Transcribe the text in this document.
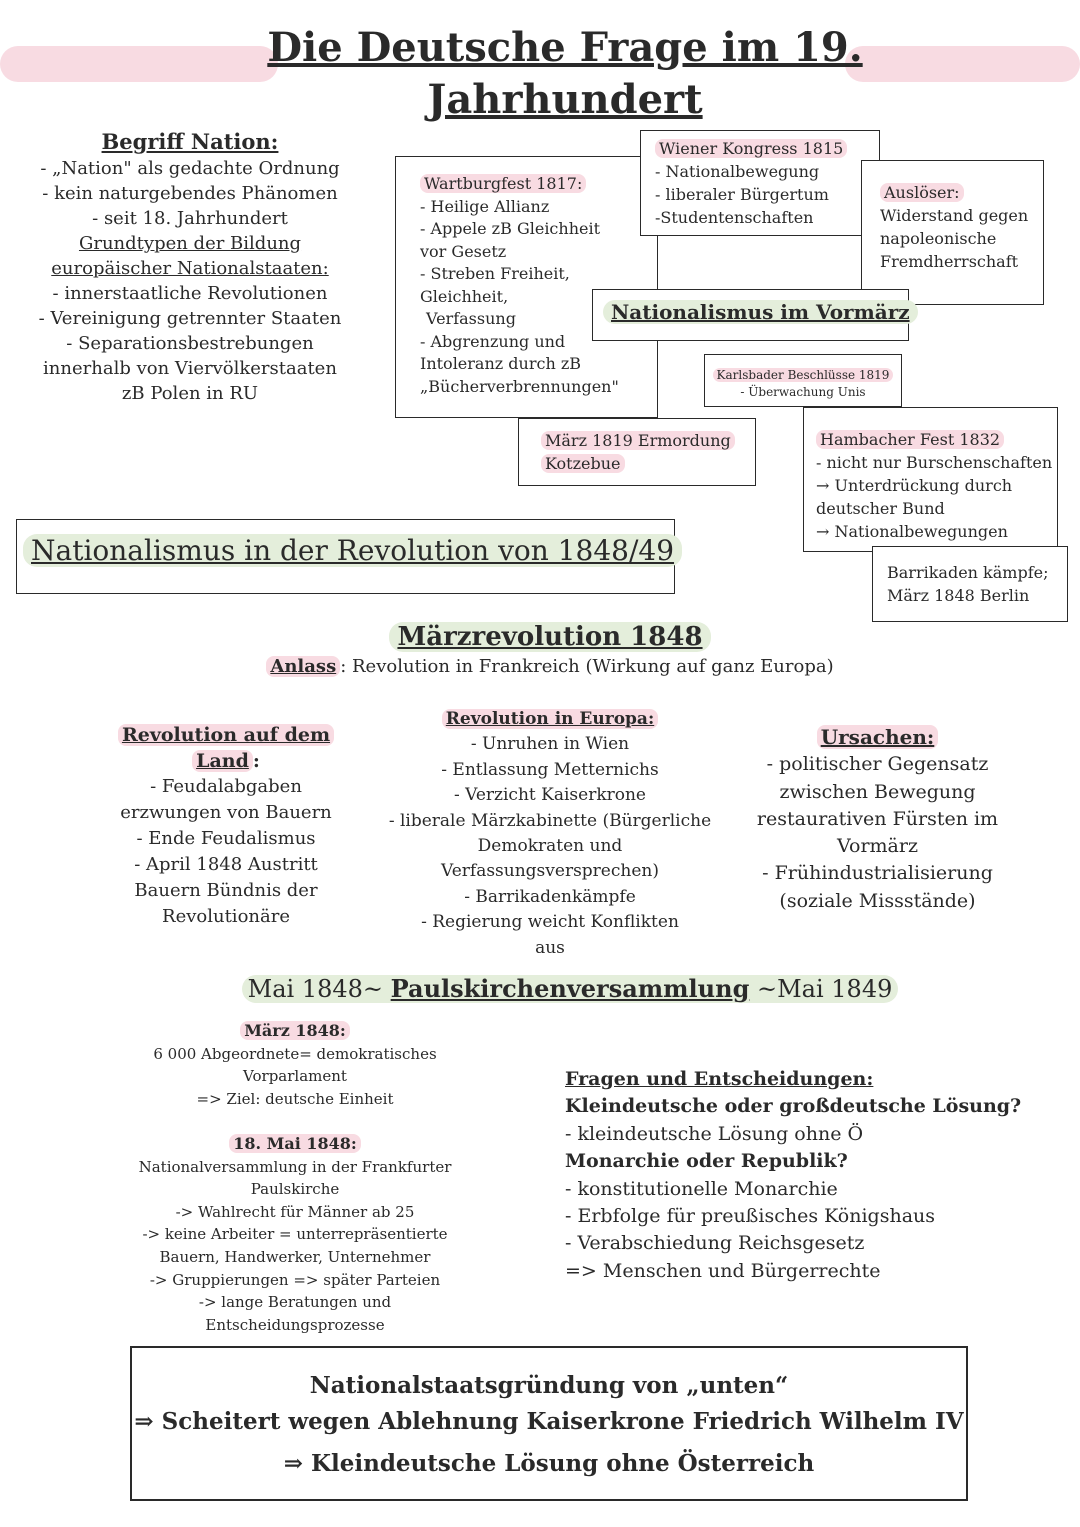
Die Deutsche Frage im 19.
Jahrhundert
Begriff Nation:
- „Nation" als gedachte Ordnung
- kein naturgebendes Phänomen
- seit 18. Jahrhundert
Grundtypen der Bildung
europäischer Nationalstaaten:
- innerstaatliche Revolutionen
- Vereinigung getrennter Staaten
- Separationsbestrebungen
innerhalb von Viervölkerstaaten
zB Polen in RU
Wartburgfest 1817:
- Heilige Allianz
- Appele zB Gleichheit
vor Gesetz
- Streben Freiheit,
Gleichheit,
Verfassung
- Abgrenzung und
Intoleranz durch zB
„Bücherverbrennungen"
Wiener Kongress 1815
- Nationalbewegung
- liberaler Bürgertum
-Studentenschaften
Auslöser:
Widerstand gegen
napoleonische
Fremdherrschaft
Nationalismus im Vormärz
Karlsbader Beschlüsse 1819
- Überwachung Unis
März 1819 Ermordung
Kotzebue
Hambacher Fest 1832
- nicht nur Burschenschaften
→ Unterdrückung durch
deutscher Bund
→ Nationalbewegungen
Barrikaden kämpfe;
März 1848 Berlin
Nationalismus in der Revolution von 1848/49
Märzrevolution 1848
Anlass : Revolution in Frankreich (Wirkung auf ganz Europa)
Revolution auf dem
Land :
- Feudalabgaben
erzwungen von Bauern
- Ende Feudalismus
- April 1848 Austritt
Bauern Bündnis der
Revolutionäre
Revolution in Europa:
- Unruhen in Wien
- Entlassung Metternichs
- Verzicht Kaiserkrone
- liberale Märzkabinette (Bürgerliche
Demokraten und
Verfassungsversprechen)
- Barrikadenkämpfe
- Regierung weicht Konflikten
aus
Ursachen:
- politischer Gegensatz
zwischen Bewegung
restaurativen Fürsten im
Vormärz
- Frühindustrialisierung
(soziale Missstände)
Mai 1848~ Paulskirchenversammlung ~Mai 1849
März 1848:
6 000 Abgeordnete= demokratisches
Vorparlament
=> Ziel: deutsche Einheit
18. Mai 1848:
Nationalversammlung in der Frankfurter
Paulskirche
-> Wahlrecht für Männer ab 25
-> keine Arbeiter = unterrepräsentierte
Bauern, Handwerker, Unternehmer
-> Gruppierungen => später Parteien
-> lange Beratungen und
Entscheidungsprozesse
Fragen und Entscheidungen:
Kleindeutsche oder großdeutsche Lösung?
- kleindeutsche Lösung ohne Ö
Monarchie oder Republik?
- konstitutionelle Monarchie
- Erbfolge für preußisches Königshaus
- Verabschiedung Reichsgesetz
=> Menschen und Bürgerrechte
Nationalstaatsgründung von „unten“
⇒ Scheitert wegen Ablehnung Kaiserkrone Friedrich Wilhelm IV
⇒ Kleindeutsche Lösung ohne Österreich
